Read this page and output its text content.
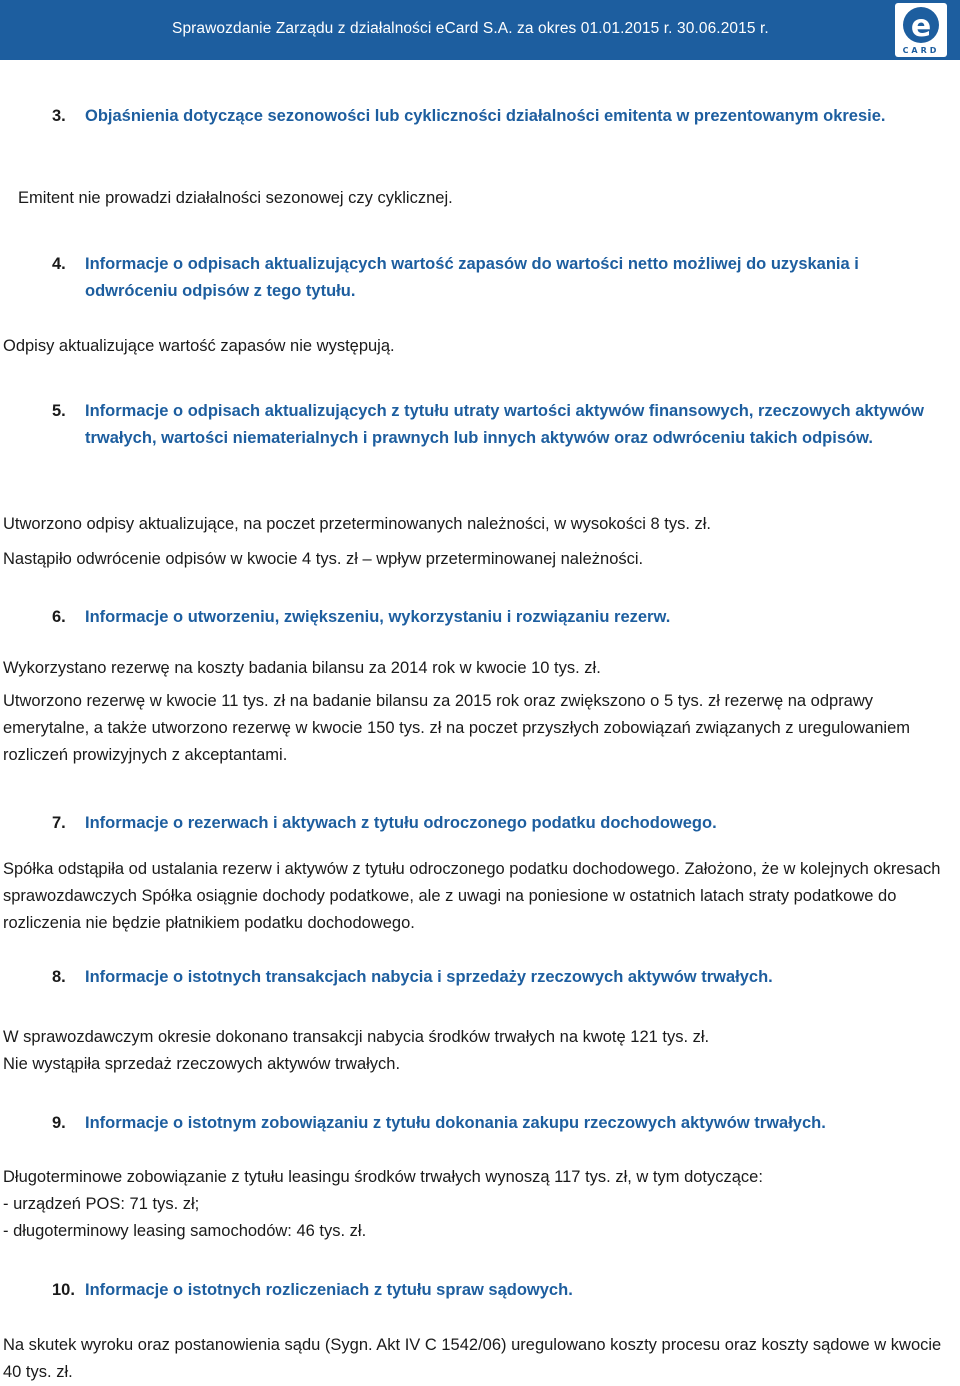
Sprawozdanie Zarządu z działalności eCard S.A. za okres 01.01.2015 r. 30.06.2015 r.	e
CARD
3.	Objaśnienia dotyczące sezonowości lub cykliczności działalności emitenta w prezentowanym okresie.

Emitent nie prowadzi działalności sezonowej czy cyklicznej.

4.	Informacje o odpisach aktualizujących wartość zapasów do wartości netto możliwej do uzyskania i odwróceniu odpisów z tego tytułu.

Odpisy aktualizujące wartość zapasów nie występują.

5.	Informacje o odpisach aktualizujących z tytułu utraty wartości aktywów finansowych, rzeczowych aktywów trwałych, wartości niematerialnych i prawnych lub innych aktywów oraz odwróceniu takich odpisów.

Utworzono odpisy aktualizujące, na poczet przeterminowanych należności, w wysokości 8 tys. zł.

Nastąpiło odwrócenie odpisów w kwocie 4 tys. zł – wpływ przeterminowanej należności.

6.	Informacje o utworzeniu, zwiększeniu, wykorzystaniu i rozwiązaniu rezerw.

Wykorzystano rezerwę na koszty badania bilansu za 2014 rok w kwocie 10 tys. zł.

Utworzono rezerwę w kwocie 11 tys. zł na badanie bilansu za 2015 rok oraz zwiększono o 5 tys. zł rezerwę na odprawy emerytalne, a także utworzono rezerwę w kwocie 150 tys. zł na poczet przyszłych zobowiązań związanych z uregulowaniem rozliczeń prowizyjnych z akceptantami.

7.	Informacje o rezerwach i aktywach z tytułu odroczonego podatku dochodowego.

Spółka odstąpiła od ustalania rezerw i aktywów z tytułu odroczonego podatku dochodowego. Założono, że w kolejnych okresach sprawozdawczych Spółka osiągnie dochody podatkowe, ale z uwagi na poniesione w ostatnich latach straty podatkowe do rozliczenia nie będzie płatnikiem podatku dochodowego.

8.	Informacje o istotnych transakcjach nabycia i sprzedaży rzeczowych aktywów trwałych.

W sprawozdawczym okresie dokonano transakcji nabycia środków trwałych na kwotę 121 tys. zł.

Nie wystąpiła sprzedaż rzeczowych aktywów trwałych.

9.	Informacje o istotnym zobowiązaniu z tytułu dokonania zakupu rzeczowych aktywów trwałych.

Długoterminowe zobowiązanie z tytułu leasingu środków trwałych wynoszą 117 tys. zł, w tym dotyczące:

- urządzeń POS: 71 tys. zł;

- długoterminowy leasing samochodów: 46 tys. zł.

10. Informacje o istotnych rozliczeniach z tytułu spraw sądowych.

Na skutek wyroku oraz postanowienia sądu (Sygn. Akt IV C 1542/06) uregulowano koszty procesu oraz koszty sądowe w kwocie 40 tys. zł.
